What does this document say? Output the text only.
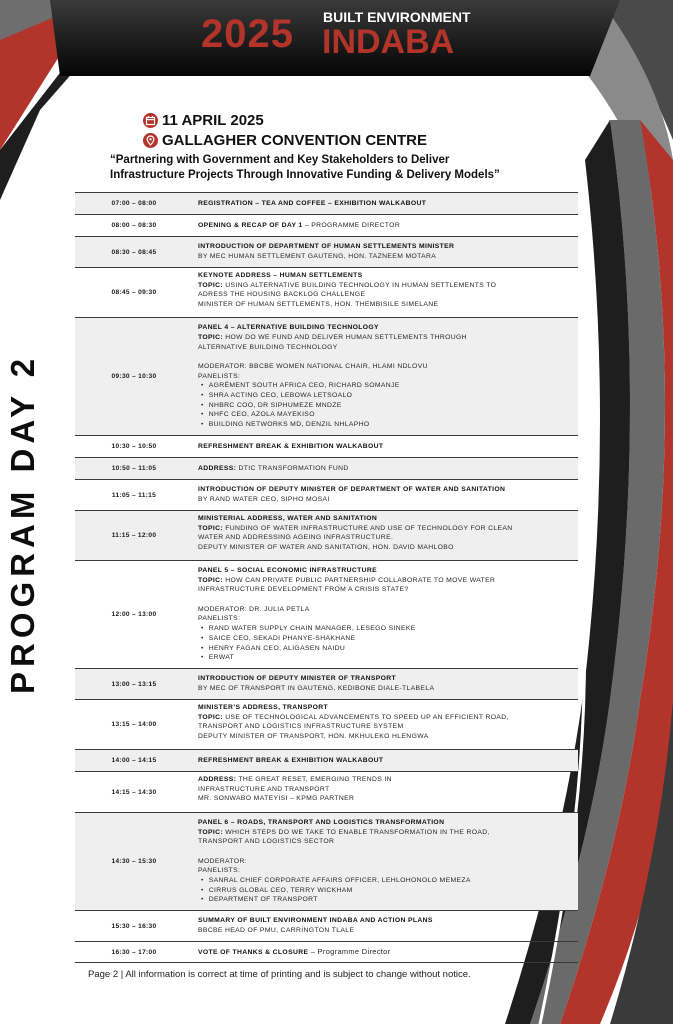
2025 BUILT ENVIRONMENT
INDABA
PROGRAM DAY 2
11 APRIL 2025
GALLAGHER CONVENTION CENTRE
“Partnering with Government and Key Stakeholders to Deliver
Infrastructure Projects Through Innovative Funding & Delivery Models”
07:00 – 08:00	REGISTRATION – TEA AND COFFEE – EXHIBITION WALKABOUT
08:00 – 08:30	OPENING & RECAP OF DAY 1 – PROGRAMME DIRECTOR
08:30 – 08:45
INTRODUCTION OF DEPARTMENT OF HUMAN SETTLEMENTS MINISTER
BY MEC HUMAN SETTLEMENT GAUTENG, HON. TAZNEEM MOTARA
08:45 – 09:30
KEYNOTE ADDRESS – HUMAN SETTLEMENTS
TOPIC: USING ALTERNATIVE BUILDING TECHNOLOGY IN HUMAN SETTLEMENTS TO
ADRESS THE HOUSING BACKLOG CHALLENGE
MINISTER OF HUMAN SETTLEMENTS, HON. THEMBISILE SIMELANE
09:30 – 10:30
PANEL 4 – ALTERNATIVE BUILDING TECHNOLOGY
TOPIC: HOW DO WE FUND AND DELIVER HUMAN SETTLEMENTS THROUGH
ALTERNATIVE BUILDING TECHNOLOGY
MODERATOR: BBCBE WOMEN NATIONAL CHAIR, HLAMI NDLOVU
PANELISTS:
• AGRÉMENT SOUTH AFRICA CEO, RICHARD SOMANJE
• SHRA ACTING CEO, LEBOWA LETSOALO
• NHBRC COO, DR SIPHUMEZE MNDZE
• NHFC CEO, AZOLA MAYEKISO
• BUILDING NETWORKS MD, DENZIL NHLAPHO
10:30 – 10:50	REFRESHMENT BREAK & EXHIBITION WALKABOUT
10:50 – 11:05	ADDRESS: DTIC TRANSFORMATION FUND
11:05 – 11:15
INTRODUCTION OF DEPUTY MINISTER OF DEPARTMENT OF WATER AND SANITATION
BY RAND WATER CEO, SIPHO MOSAI
11:15 – 12:00
MINISTERIAL ADDRESS, WATER AND SANITATION
TOPIC: FUNDING OF WATER INFRASTRUCTURE AND USE OF TECHNOLOGY FOR CLEAN
WATER AND ADDRESSING AGEING INFRASTRUCTURE.
DEPUTY MINISTER OF WATER AND SANITATION, HON. DAVID MAHLOBO
12:00 – 13:00
PANEL 5 – SOCIAL ECONOMIC INFRASTRUCTURE
TOPIC: HOW CAN PRIVATE PUBLIC PARTNERSHIP COLLABORATE TO MOVE WATER
INFRASTRUCTURE DEVELOPMENT FROM A CRISIS STATE?
MODERATOR: DR. JULIA PETLA
PANELISTS:
• RAND WATER SUPPLY CHAIN MANAGER, LESEGO SINEKE
• SAICE CEO, SEKADI PHANYE-SHAKHANE
• HENRY FAGAN CEO, ALIGASEN NAIDU
• ERWAT
13:00 – 13:15
INTRODUCTION OF DEPUTY MINISTER OF TRANSPORT
BY MEC OF TRANSPORT IN GAUTENG, KEDIBONE DIALE-TLABELA
13:15 – 14:00
MINISTER’S ADDRESS, TRANSPORT
TOPIC: USE OF TECHNOLOGICAL ADVANCEMENTS TO SPEED UP AN EFFICIENT ROAD,
TRANSPORT AND LOGISTICS INFRASTRUCTURE SYSTEM
DEPUTY MINISTER OF TRANSPORT, HON. MKHULEKO HLENGWA
14:00 – 14:15	REFRESHMENT BREAK & EXHIBITION WALKABOUT
14:15 – 14:30
ADDRESS: THE GREAT RESET, EMERGING TRENDS IN
INFRASTRUCTURE AND TRANSPORT
MR. SONWABO MATEYISI – KPMG PARTNER
14:30 – 15:30
PANEL 6 – ROADS, TRANSPORT AND LOGISTICS TRANSFORMATION
TOPIC: WHICH STEPS DO WE TAKE TO ENABLE TRANSFORMATION IN THE ROAD,
TRANSPORT AND LOGISTICS SECTOR
MODERATOR:
PANELISTS:
• SANRAL CHIEF CORPORATE AFFAIRS OFFICER, LEHLOHONOLO MEMEZA
• CIRRUS GLOBAL CEO, TERRY WICKHAM
• DEPARTMENT OF TRANSPORT
15:30 – 16:30
SUMMARY OF BUILT ENVIRONMENT INDABA AND ACTION PLANS
BBCBE HEAD OF PMU, CARRINGTON TLALE
16:30 – 17:00	VOTE OF THANKS & CLOSURE – Programme Director
Page 2 | All information is correct at time of printing and is subject to change without notice.
